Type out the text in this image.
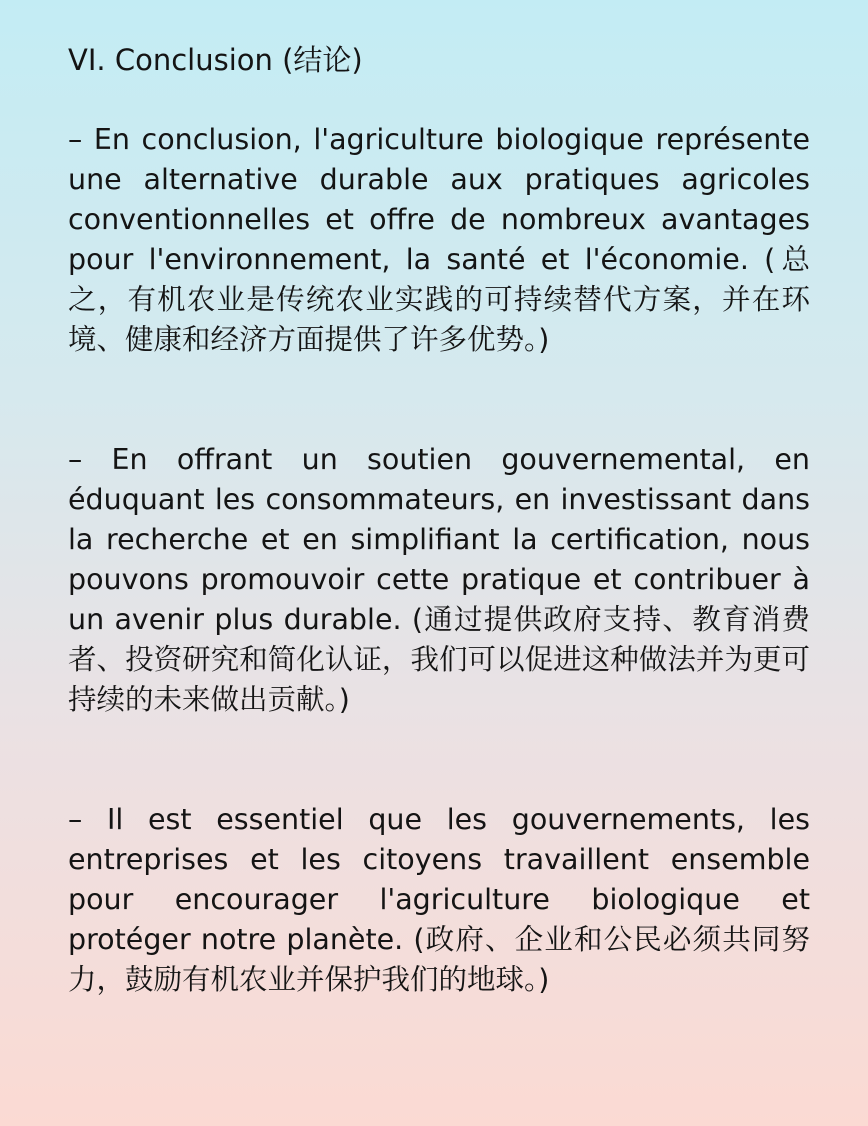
VI. Conclusion (结论)

– En conclusion, l'agriculture biologique représente une alternative durable aux pratiques agricoles conventionnelles et offre de nombreux avantages pour l'environnement, la santé et l'économie. (总之，有机农业是传统农业实践的可持续替代方案，并在环境、健康和经济方面提供了许多优势。)

– En offrant un soutien gouvernemental, en éduquant les consommateurs, en investissant dans la recherche et en simplifiant la certification, nous pouvons promouvoir cette pratique et contribuer à un avenir plus durable. (通过提供政府支持、教育消费者、投资研究和简化认证，我们可以促进这种做法并为更可持续的未来做出贡献。)

– Il est essentiel que les gouvernements, les entreprises et les citoyens travaillent ensemble pour encourager l'agriculture biologique et protéger notre planète. (政府、企业和公民必须共同努力，鼓励有机农业并保护我们的地球。)
